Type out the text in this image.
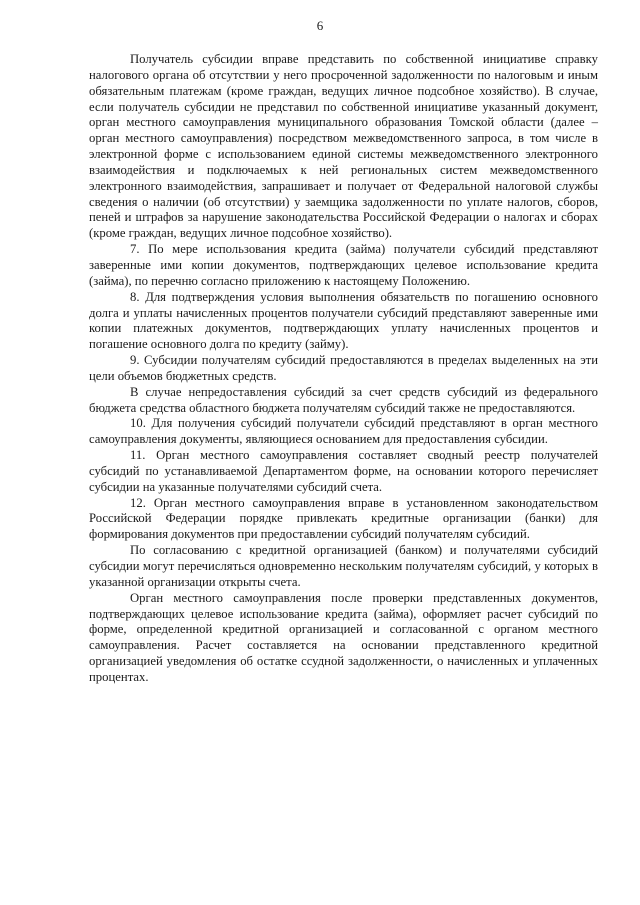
6

Получатель субсидии вправе представить по собственной инициативе справку налогового органа об отсутствии у него просроченной задолженности по налоговым и иным обязательным платежам (кроме граждан, ведущих личное подсобное хозяйство). В случае, если получатель субсидии не представил по собственной инициативе указанный документ, орган местного самоуправления муниципального образования Томской области (далее – орган местного самоуправления) посредством межведомственного запроса, в том числе в электронной форме с использованием единой системы межведомственного электронного взаимодействия и подключаемых к ней региональных систем межведомственного электронного взаимодействия, запрашивает и получает от Федеральной налоговой службы сведения о наличии (об отсутствии) у заемщика задолженности по уплате налогов, сборов, пеней и штрафов за нарушение законодательства Российской Федерации о налогах и сборах (кроме граждан, ведущих личное подсобное хозяйство).

7. По мере использования кредита (займа) получатели субсидий представляют заверенные ими копии документов, подтверждающих целевое использование кредита (займа), по перечню согласно приложению к настоящему Положению.

8. Для подтверждения условия выполнения обязательств по погашению основного долга и уплаты начисленных процентов получатели субсидий представляют заверенные ими копии платежных документов, подтверждающих уплату начисленных процентов и погашение основного долга по кредиту (займу).

9. Субсидии получателям субсидий предоставляются в пределах выделенных на эти цели объемов бюджетных средств.

В случае непредоставления субсидий за счет средств субсидий из федерального бюджета средства областного бюджета получателям субсидий также не предоставляются.

10. Для получения субсидий получатели субсидий представляют в орган местного самоуправления документы, являющиеся основанием для предоставления субсидии.

11. Орган местного самоуправления составляет сводный реестр получателей субсидий по устанавливаемой Департаментом форме, на основании которого перечисляет субсидии на указанные получателями субсидий счета.

12. Орган местного самоуправления вправе в установленном законодательством Российской Федерации порядке привлекать кредитные организации (банки) для формирования документов при предоставлении субсидий получателям субсидий.

По согласованию с кредитной организацией (банком) и получателями субсидий субсидии могут перечисляться одновременно нескольким получателям субсидий, у которых в указанной организации открыты счета.

Орган местного самоуправления после проверки представленных документов, подтверждающих целевое использование кредита (займа), оформляет расчет субсидий по форме, определенной кредитной организацией и согласованной с органом местного самоуправления. Расчет составляется на основании представленного кредитной организацией уведомления об остатке ссудной задолженности, о начисленных и уплаченных процентах.
